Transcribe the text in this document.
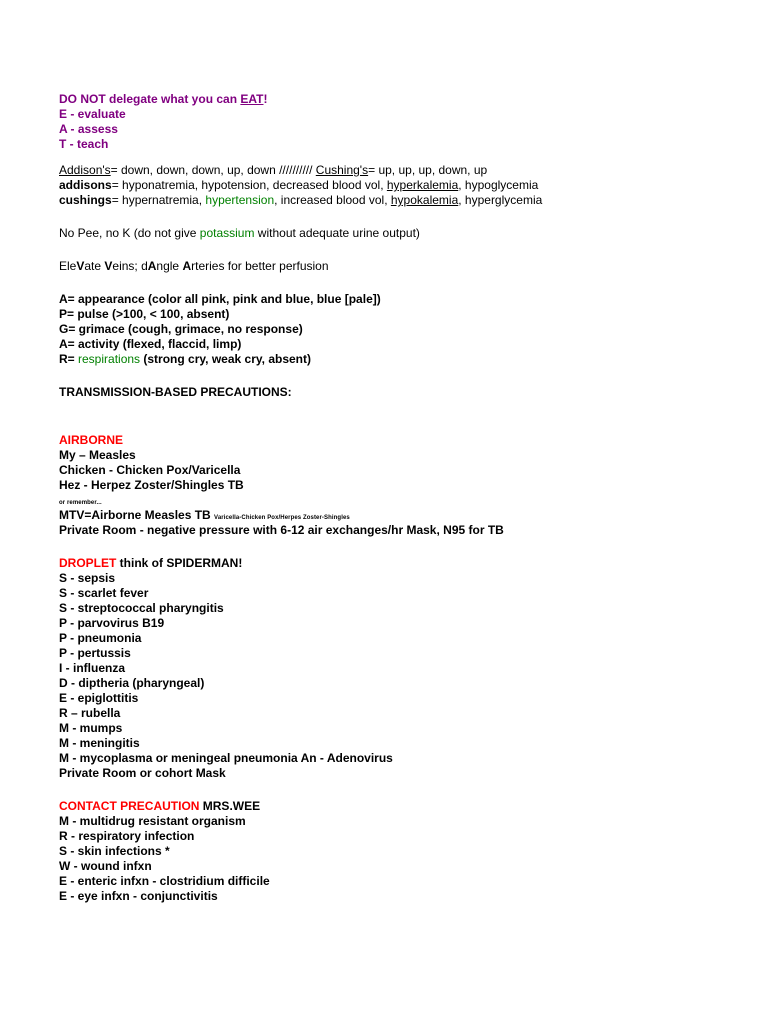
DO NOT delegate what you can EAT!
E - evaluate
A - assess
T - teach
Addison's= down, down, down, up, down ////////// Cushing's= up, up, up, down, up
addisons= hyponatremia, hypotension, decreased blood vol, hyperkalemia, hypoglycemia
cushings= hypernatremia, hypertension, increased blood vol, hypokalemia, hyperglycemia
No Pee, no K (do not give potassium without adequate urine output)
EleVate Veins; dAngle Arteries for better perfusion
A= appearance (color all pink, pink and blue, blue [pale])
P= pulse (>100, < 100, absent)
G= grimace (cough, grimace, no response)
A= activity (flexed, flaccid, limp)
R= respirations (strong cry, weak cry, absent)
TRANSMISSION-BASED PRECAUTIONS:
AIRBORNE
My – Measles
Chicken - Chicken Pox/Varicella
Hez - Herpez Zoster/Shingles TB
or remember...
MTV=Airborne Measles TB Varicella-Chicken Pox/Herpes Zoster-Shingles
Private Room - negative pressure with 6-12 air exchanges/hr Mask, N95 for TB
DROPLET think of SPIDERMAN!
S - sepsis
S - scarlet fever
S - streptococcal pharyngitis
P - parvovirus B19
P - pneumonia
P - pertussis
I - influenza
D - diptheria (pharyngeal)
E - epiglottitis
R – rubella
M - mumps
M - meningitis
M - mycoplasma or meningeal pneumonia An - Adenovirus
Private Room or cohort Mask
CONTACT PRECAUTION MRS.WEE
M - multidrug resistant organism
R - respiratory infection
S - skin infections *
W - wound infxn
E - enteric infxn - clostridium difficile
E - eye infxn - conjunctivitis
